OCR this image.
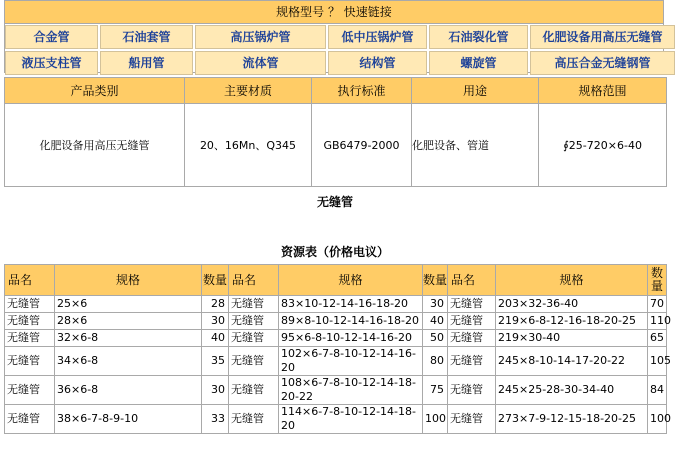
规格型号 ？ 快速链接
合金管	石油套管	高压锅炉管	低中压锅炉管	石油裂化管	化肥设备用高压无缝管
液压支柱管	船用管	流体管	结构管	螺旋管	高压合金无缝钢管
产品类别	主要材质	执行标准	用途	规格范围
化肥设备用高压无缝管	20、16Mn、Q345	GB6479-2000	化肥设备、管道	∮25-720×6-40
无缝管
资源表（价格电议）
品名	规格	数量	品名	规格	数量	品名	规格	数量
无缝管	25×6	28	无缝管	83×10-12-14-16-18-20	30	无缝管	203×32-36-40	70
无缝管	28×6	30	无缝管	89×8-10-12-14-16-18-20	40	无缝管	219×6-8-12-16-18-20-25	110
无缝管	32×6-8	40	无缝管	95×6-8-10-12-14-16-20	50	无缝管	219×30-40	65
无缝管	34×6-8	35	无缝管	102×6-7-8-10-12-14-16-20	80	无缝管	245×8-10-14-17-20-22	105
无缝管	36×6-8	30	无缝管	108×6-7-8-10-12-14-18-20-22	75	无缝管	245×25-28-30-34-40	84
无缝管	38×6-7-8-9-10	33	无缝管	114×6-7-8-10-12-14-18-20	100	无缝管	273×7-9-12-15-18-20-25	100
